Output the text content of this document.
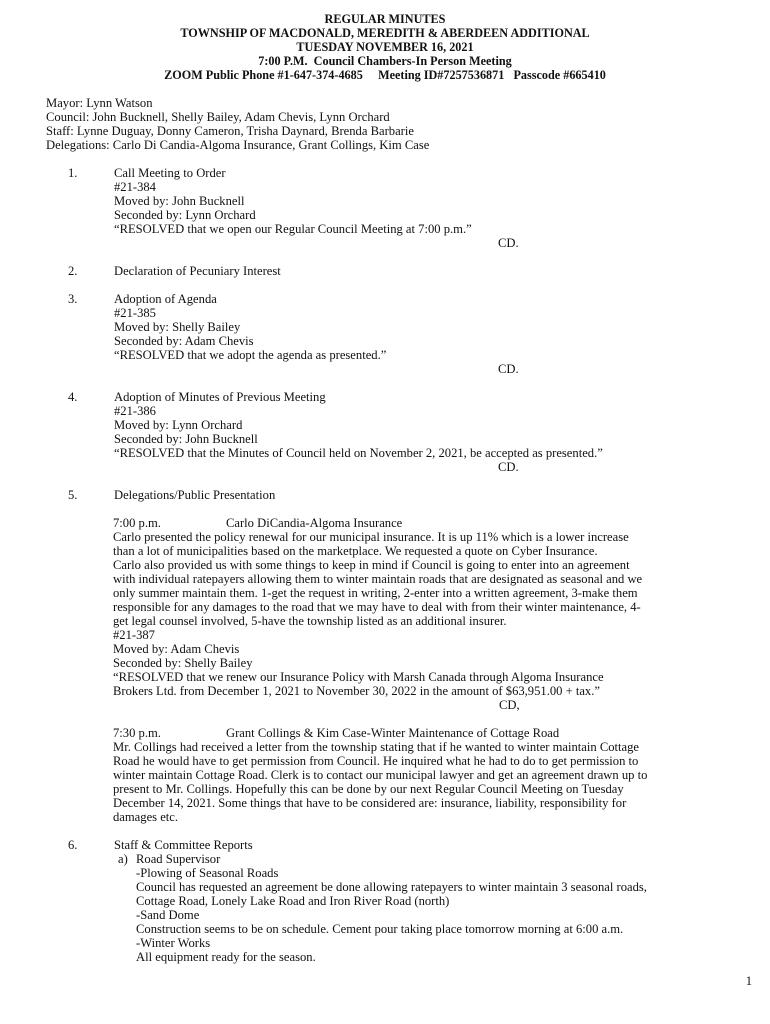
REGULAR MINUTES
TOWNSHIP OF MACDONALD, MEREDITH & ABERDEEN ADDITIONAL
TUESDAY NOVEMBER 16, 2021
7:00 P.M.  Council Chambers-In Person Meeting
ZOOM Public Phone #1-647-374-4685     Meeting ID#7257536871   Passcode #665410
Mayor: Lynn Watson
Council: John Bucknell, Shelly Bailey, Adam Chevis, Lynn Orchard
Staff: Lynne Duguay, Donny Cameron, Trisha Daynard, Brenda Barbarie
Delegations: Carlo Di Candia-Algoma Insurance, Grant Collings, Kim Case
1.	Call Meeting to Order
#21-384
Moved by: John Bucknell
Seconded by: Lynn Orchard
“RESOLVED that we open our Regular Council Meeting at 7:00 p.m.”
CD.
2.	Declaration of Pecuniary Interest
3.	Adoption of Agenda
#21-385
Moved by: Shelly Bailey
Seconded by: Adam Chevis
“RESOLVED that we adopt the agenda as presented.”
CD.
4.	Adoption of Minutes of Previous Meeting
#21-386
Moved by: Lynn Orchard
Seconded by: John Bucknell
“RESOLVED that the Minutes of Council held on November 2, 2021, be accepted as presented.”
CD.
5.	Delegations/Public Presentation
7:00 p.m.	Carlo DiCandia-Algoma Insurance
Carlo presented the policy renewal for our municipal insurance. It is up 11% which is a lower increase
than a lot of municipalities based on the marketplace. We requested a quote on Cyber Insurance.
Carlo also provided us with some things to keep in mind if Council is going to enter into an agreement
with individual ratepayers allowing them to winter maintain roads that are designated as seasonal and we
only summer maintain them. 1-get the request in writing, 2-enter into a written agreement, 3-make them
responsible for any damages to the road that we may have to deal with from their winter maintenance, 4-
get legal counsel involved, 5-have the township listed as an additional insurer.
#21-387
Moved by: Adam Chevis
Seconded by: Shelly Bailey
“RESOLVED that we renew our Insurance Policy with Marsh Canada through Algoma Insurance
Brokers Ltd. from December 1, 2021 to November 30, 2022 in the amount of $63,951.00 + tax.”
CD,
7:30 p.m.	Grant Collings & Kim Case-Winter Maintenance of Cottage Road
Mr. Collings had received a letter from the township stating that if he wanted to winter maintain Cottage
Road he would have to get permission from Council. He inquired what he had to do to get permission to
winter maintain Cottage Road. Clerk is to contact our municipal lawyer and get an agreement drawn up to
present to Mr. Collings. Hopefully this can be done by our next Regular Council Meeting on Tuesday
December 14, 2021. Some things that have to be considered are: insurance, liability, responsibility for
damages etc.
6.	Staff & Committee Reports
a) Road Supervisor
-Plowing of Seasonal Roads
Council has requested an agreement be done allowing ratepayers to winter maintain 3 seasonal roads,
Cottage Road, Lonely Lake Road and Iron River Road (north)
-Sand Dome
Construction seems to be on schedule. Cement pour taking place tomorrow morning at 6:00 a.m.
-Winter Works
All equipment ready for the season.
1
